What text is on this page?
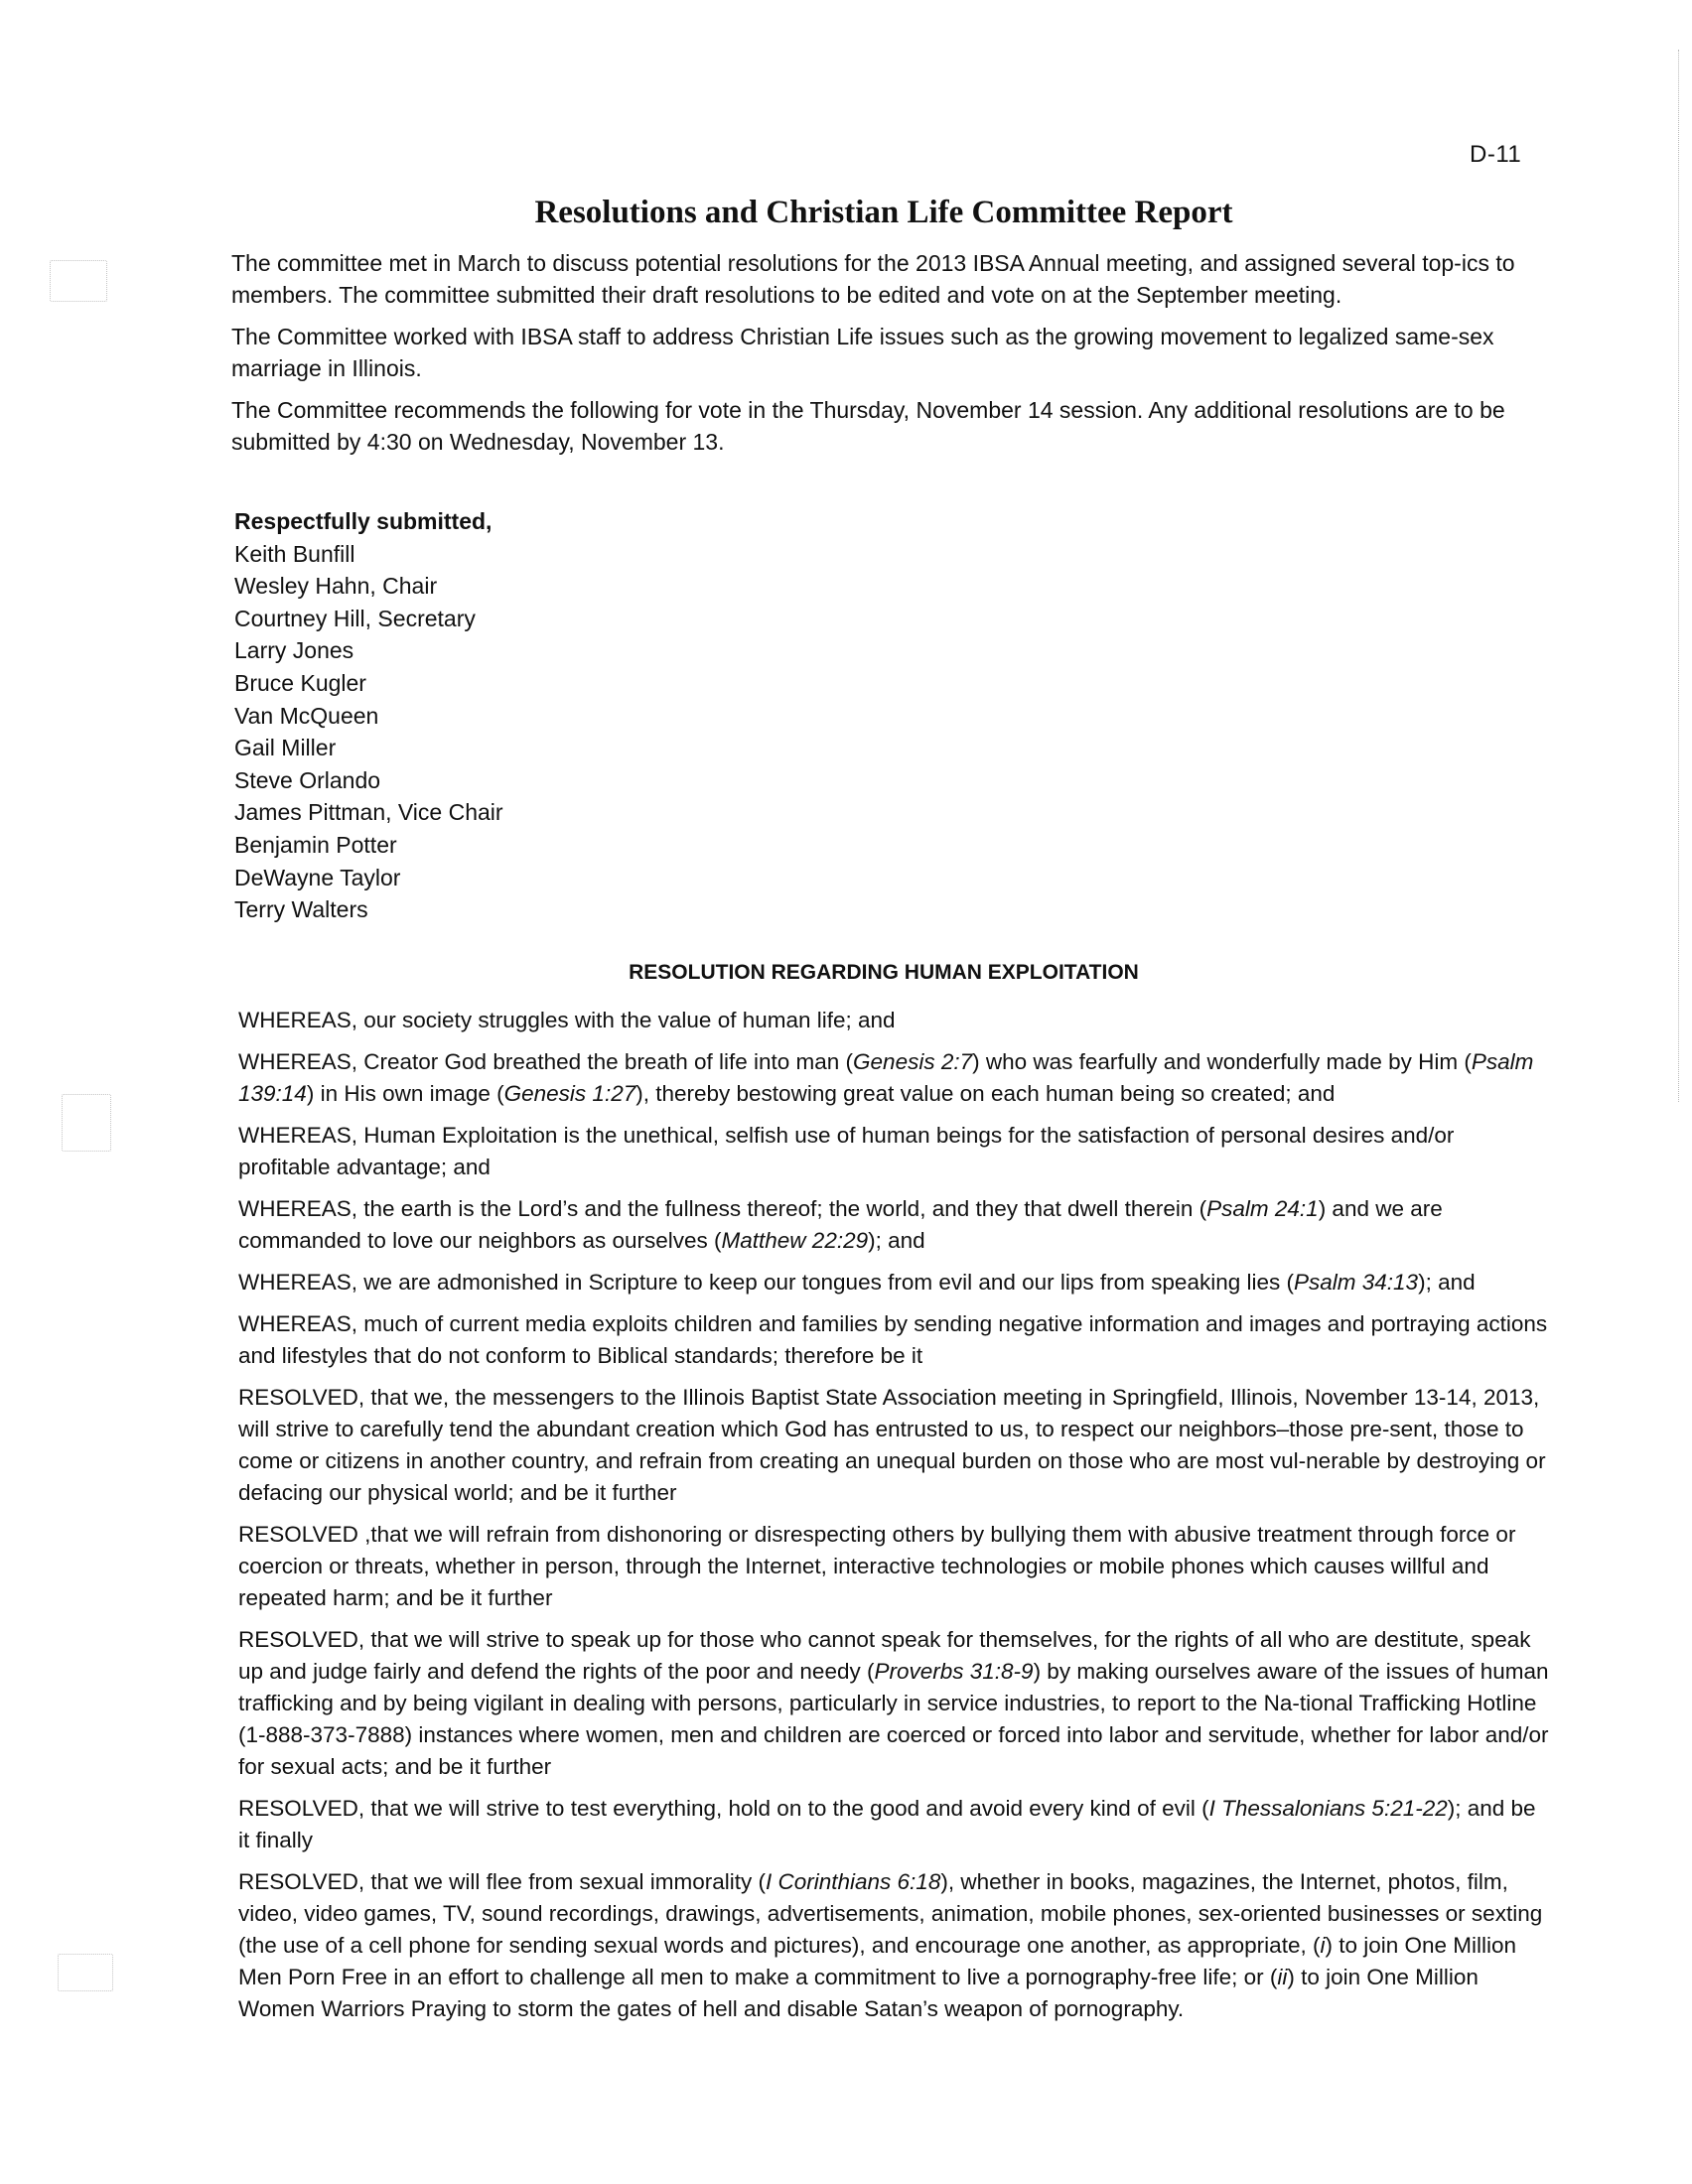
D-11
Resolutions and Christian Life Committee Report

The committee met in March to discuss potential resolutions for the 2013 IBSA Annual meeting, and assigned several top-ics to members. The committee submitted their draft resolutions to be edited and vote on at the September meeting.

The Committee worked with IBSA staff to address Christian Life issues such as the growing movement to legalized same-sex marriage in Illinois.

The Committee recommends the following for vote in the Thursday, November 14 session. Any additional resolutions are to be submitted by 4:30 on Wednesday, November 13.

Respectfully submitted,
Keith Bunfill
Wesley Hahn, Chair
Courtney Hill, Secretary
Larry Jones
Bruce Kugler
Van McQueen
Gail Miller
Steve Orlando
James Pittman, Vice Chair
Benjamin Potter
DeWayne Taylor
Terry Walters
RESOLUTION REGARDING HUMAN EXPLOITATION

WHEREAS, our society struggles with the value of human life; and

WHEREAS, Creator God breathed the breath of life into man (Genesis 2:7) who was fearfully and wonderfully made by Him (Psalm 139:14) in His own image (Genesis 1:27), thereby bestowing great value on each human being so created; and

WHEREAS, Human Exploitation is the unethical, selfish use of human beings for the satisfaction of personal desires and/or profitable advantage; and

WHEREAS, the earth is the Lord’s and the fullness thereof; the world, and they that dwell therein (Psalm 24:1) and we are commanded to love our neighbors as ourselves (Matthew 22:29); and

WHEREAS, we are admonished in Scripture to keep our tongues from evil and our lips from speaking lies (Psalm 34:13); and

WHEREAS, much of current media exploits children and families by sending negative information and images and portraying actions and lifestyles that do not conform to Biblical standards; therefore be it

RESOLVED, that we, the messengers to the Illinois Baptist State Association meeting in Springfield, Illinois, November 13-14, 2013, will strive to carefully tend the abundant creation which God has entrusted to us, to respect our neighbors–those pre-sent, those to come or citizens in another country, and refrain from creating an unequal burden on those who are most vul-nerable by destroying or defacing our physical world; and be it further

RESOLVED ,that we will refrain from dishonoring or disrespecting others by bullying them with abusive treatment through force or coercion or threats, whether in person, through the Internet, interactive technologies or mobile phones which causes willful and repeated harm; and be it further

RESOLVED, that we will strive to speak up for those who cannot speak for themselves, for the rights of all who are destitute, speak up and judge fairly and defend the rights of the poor and needy (Proverbs 31:8-9) by making ourselves aware of the issues of human trafficking and by being vigilant in dealing with persons, particularly in service industries, to report to the Na-tional Trafficking Hotline (1-888-373-7888) instances where women, men and children are coerced or forced into labor and servitude, whether for labor and/or for sexual acts; and be it further

RESOLVED, that we will strive to test everything, hold on to the good and avoid every kind of evil (I Thessalonians 5:21-22); and be it finally

RESOLVED, that we will flee from sexual immorality (I Corinthians 6:18), whether in books, magazines, the Internet, photos, film, video, video games, TV, sound recordings, drawings, advertisements, animation, mobile phones, sex-oriented businesses or sexting (the use of a cell phone for sending sexual words and pictures), and encourage one another, as appropriate, (i) to join One Million Men Porn Free in an effort to challenge all men to make a commitment to live a pornography-free life; or (ii) to join One Million Women Warriors Praying to storm the gates of hell and disable Satan’s weapon of pornography.
